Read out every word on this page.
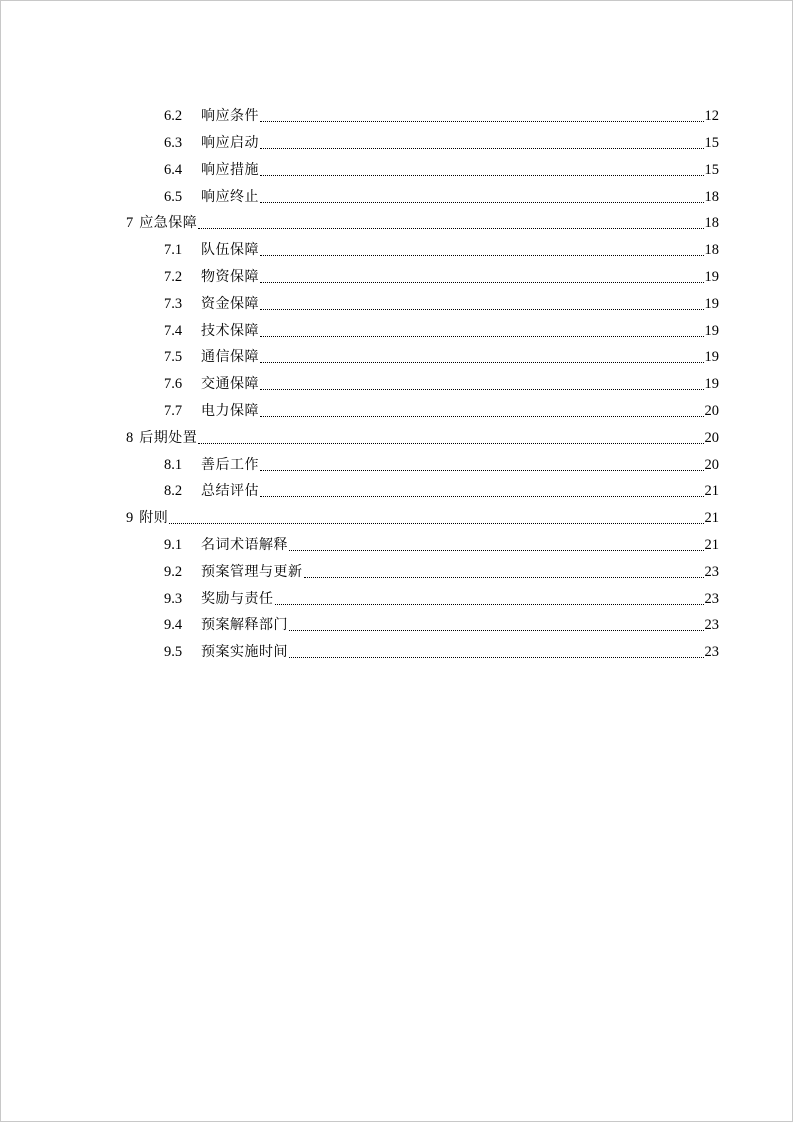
6.2	响应条件	12
6.3	响应启动	15
6.4	响应措施	15
6.5	响应终止	18
7 应急保障	18
7.1	队伍保障	18
7.2	物资保障	19
7.3	资金保障	19
7.4	技术保障	19
7.5	通信保障	19
7.6	交通保障	19
7.7	电力保障	20
8 后期处置	20
8.1	善后工作	20
8.2	总结评估	21
9 附则	21
9.1	名词术语解释	21
9.2	预案管理与更新	23
9.3	奖励与责任	23
9.4	预案解释部门	23
9.5	预案实施时间	23
